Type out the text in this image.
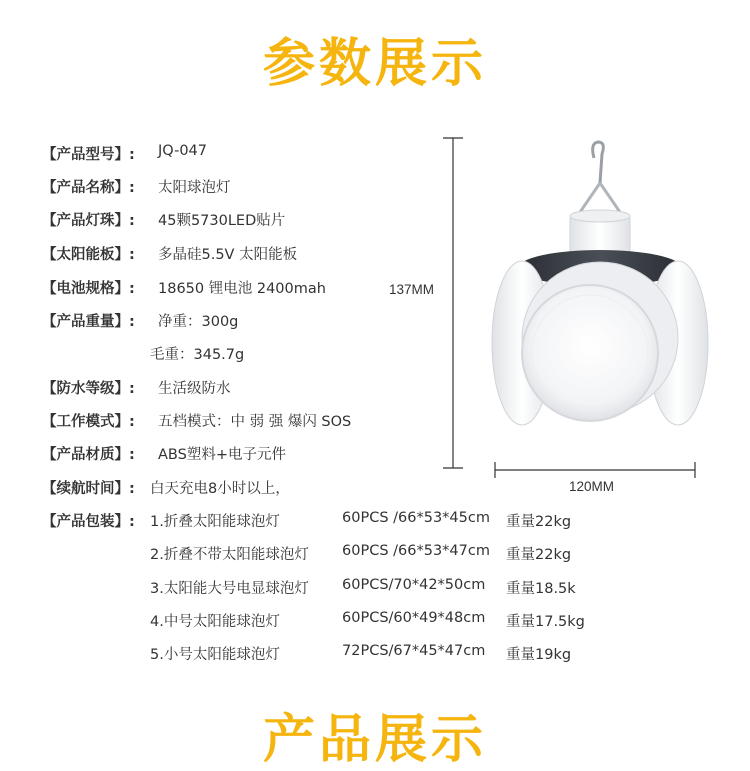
参数展示
【产品型号】: JQ-047
【产品名称】: 太阳球泡灯
【产品灯珠】: 45颗5730LED贴片
【太阳能板】: 多晶硅5.5V 太阳能板
【电池规格】: 18650 锂电池 2400mah
【产品重量】: 净重：300g
毛重：345.7g
【防水等级】: 生活级防水
【工作模式】: 五档模式：中 弱 强 爆闪 SOS
【产品材质】: ABS塑料+电子元件
【续航时间】: 白天充电8小时以上，
【产品包装】: 1.折叠太阳能球泡灯	60PCS /66*53*45cm 重量22kg
2.折叠不带太阳能球泡灯 60PCS /66*53*47cm 重量22kg
3.太阳能大号电显球泡灯 60PCS/70*42*50cm 重量18.5k
4.中号太阳能球泡灯	60PCS/60*49*48cm 重量17.5kg
5.小号太阳能球泡灯	72PCS/67*45*47cm 重量19kg
137MM
120MM
产品展示
